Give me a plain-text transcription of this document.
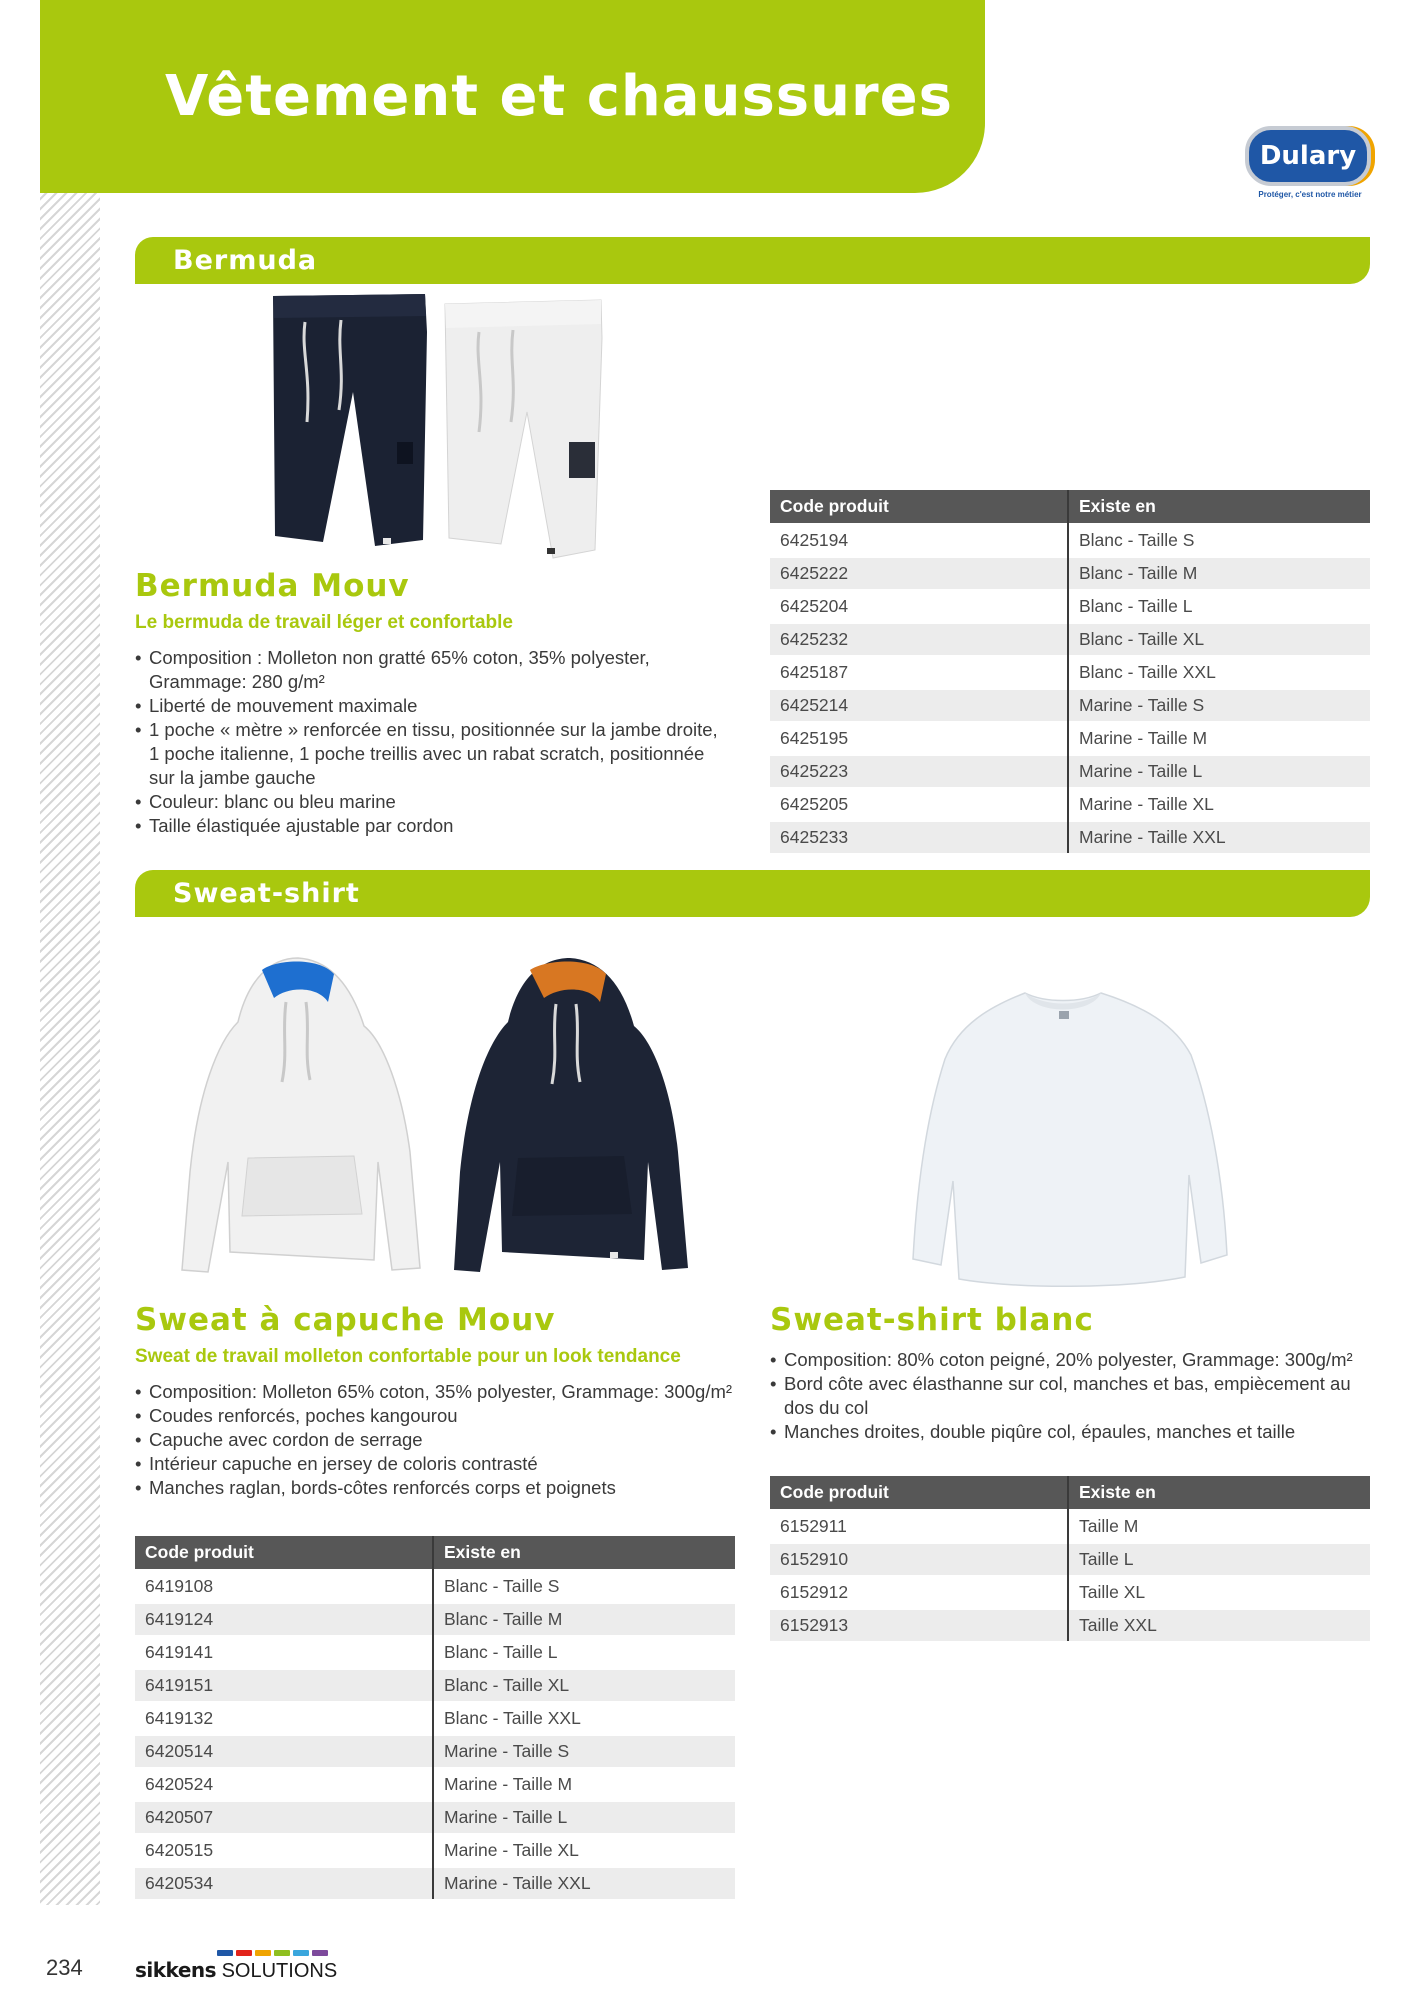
Vêtement et chaussures
Dulary
Protéger, c'est notre métier
Bermuda
Bermuda Mouv
Le bermuda de travail léger et confortable
• Composition : Molleton non gratté 65% coton, 35% polyester, Grammage: 280 g/m²
• Liberté de mouvement maximale
• 1 poche « mètre » renforcée en tissu, positionnée sur la jambe droite, 1 poche italienne, 1 poche treillis avec un rabat scratch, positionnée sur la jambe gauche
• Couleur: blanc ou bleu marine
• Taille élastiquée ajustable par cordon
Code produit	Existe en
6425194	Blanc - Taille S
6425222	Blanc - Taille M
6425204	Blanc - Taille L
6425232	Blanc - Taille XL
6425187	Blanc - Taille XXL
6425214	Marine - Taille S
6425195	Marine - Taille M
6425223	Marine - Taille L
6425205	Marine - Taille XL
6425233	Marine - Taille XXL
Sweat-shirt
Sweat à capuche Mouv
Sweat de travail molleton confortable pour un look tendance
• Composition: Molleton 65% coton, 35% polyester, Grammage: 300g/m²
• Coudes renforcés, poches kangourou
• Capuche avec cordon de serrage
• Intérieur capuche en jersey de coloris contrasté
• Manches raglan, bords-côtes renforcés corps et poignets
Code produit	Existe en
6419108	Blanc - Taille S
6419124	Blanc - Taille M
6419141	Blanc - Taille L
6419151	Blanc - Taille XL
6419132	Blanc - Taille XXL
6420514	Marine - Taille S
6420524	Marine - Taille M
6420507	Marine - Taille L
6420515	Marine - Taille XL
6420534	Marine - Taille XXL
Sweat-shirt blanc
• Composition: 80% coton peigné, 20% polyester, Grammage: 300g/m²
• Bord côte avec élasthanne sur col, manches et bas, empiècement au dos du col
• Manches droites, double piqûre col, épaules, manches et taille
Code produit	Existe en
6152911	Taille M
6152910	Taille L
6152912	Taille XL
6152913	Taille XXL
234	sikkens SOLUTIONS
